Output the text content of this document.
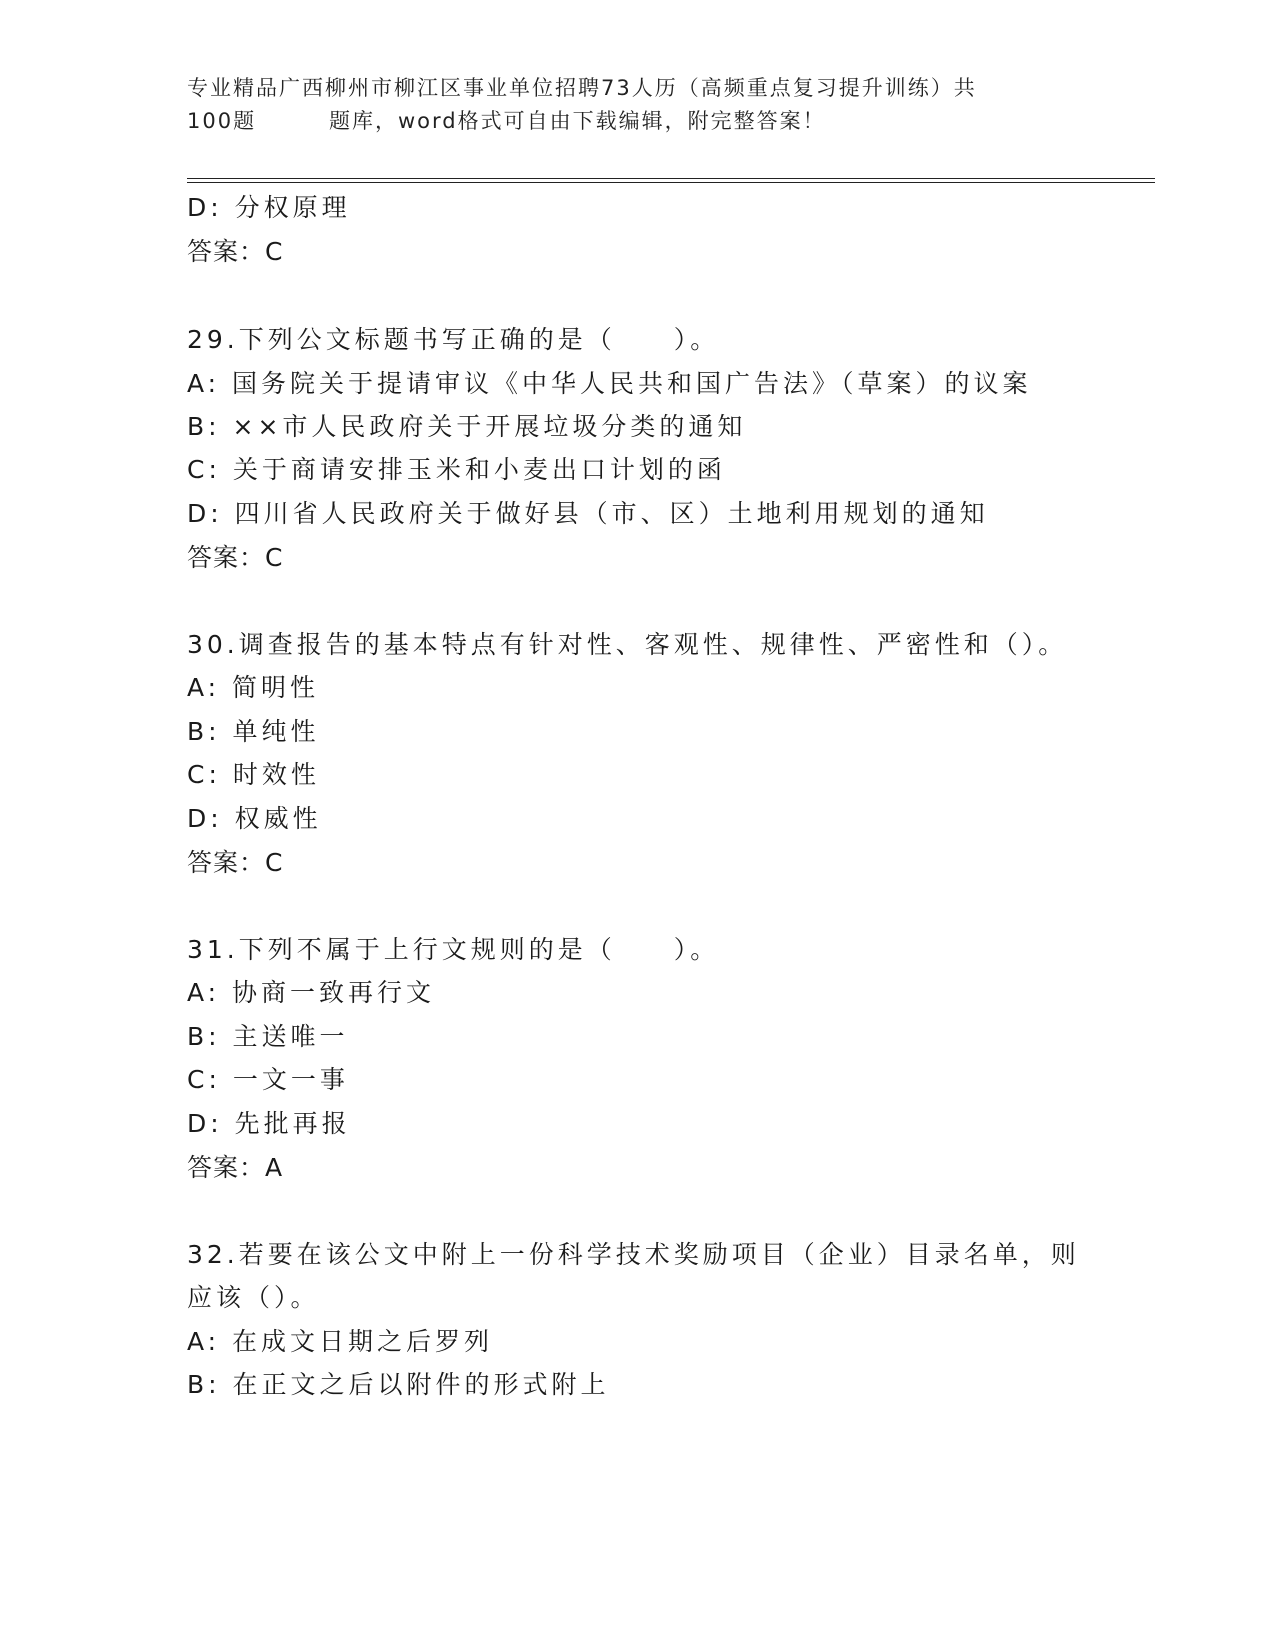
专业精品广西柳州市柳江区事业单位招聘73人历（高频重点复习提升训练）共
100题	题库，word格式可自由下载编辑，附完整答案！
D: 分权原理
答案：C
29.下列公文标题书写正确的是（　　）。
A: 国务院关于提请审议《中华人民共和国广告法》（草案）的议案
B: ××市人民政府关于开展垃圾分类的通知
C: 关于商请安排玉米和小麦出口计划的函
D: 四川省人民政府关于做好县（市、区）土地利用规划的通知
答案：C
30.调查报告的基本特点有针对性、客观性、规律性、严密性和（）。
A: 简明性
B: 单纯性
C: 时效性
D: 权威性
答案：C
31.下列不属于上行文规则的是（　　）。
A: 协商一致再行文
B: 主送唯一
C: 一文一事
D: 先批再报
答案：A
32.若要在该公文中附上一份科学技术奖励项目（企业）目录名单，则
应该（）。
A: 在成文日期之后罗列
B: 在正文之后以附件的形式附上
